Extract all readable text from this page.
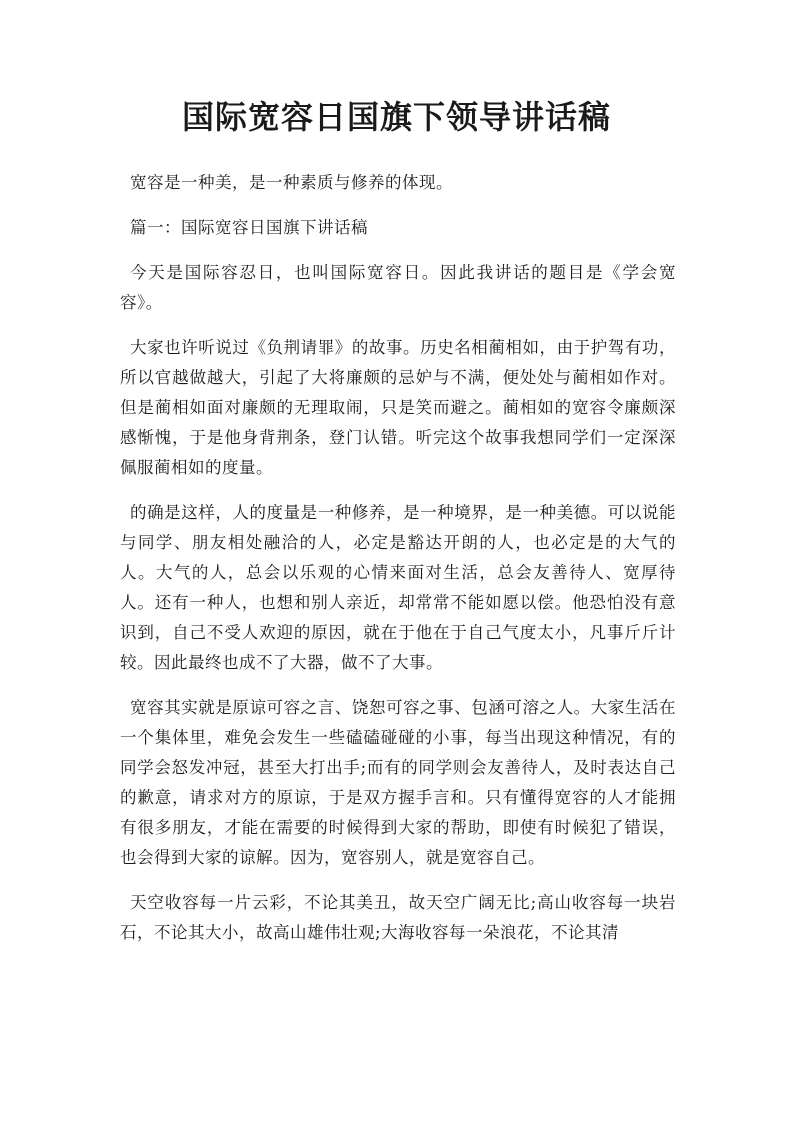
国际宽容日国旗下领导讲话稿

宽容是一种美，是一种素质与修养的体现。

篇一：国际宽容日国旗下讲话稿

今天是国际容忍日，也叫国际宽容日。因此我讲话的题目是《学会宽容》。

大家也许听说过《负荆请罪》的故事。历史名相蔺相如，由于护驾有功，所以官越做越大，引起了大将廉颇的忌妒与不满，便处处与蔺相如作对。但是蔺相如面对廉颇的无理取闹，只是笑而避之。蔺相如的宽容令廉颇深感惭愧，于是他身背荆条，登门认错。听完这个故事我想同学们一定深深佩服蔺相如的度量。

的确是这样，人的度量是一种修养，是一种境界，是一种美德。可以说能与同学、朋友相处融洽的人，必定是豁达开朗的人，也必定是的大气的人。大气的人，总会以乐观的心情来面对生活，总会友善待人、宽厚待人。还有一种人，也想和别人亲近，却常常不能如愿以偿。他恐怕没有意识到，自己不受人欢迎的原因，就在于他在于自己气度太小，凡事斤斤计较。因此最终也成不了大器，做不了大事。

宽容其实就是原谅可容之言、饶恕可容之事、包涵可溶之人。大家生活在一个集体里，难免会发生一些磕磕碰碰的小事，每当出现这种情况，有的同学会怒发冲冠，甚至大打出手;而有的同学则会友善待人，及时表达自己的歉意，请求对方的原谅，于是双方握手言和。只有懂得宽容的人才能拥有很多朋友，才能在需要的时候得到大家的帮助，即使有时候犯了错误，也会得到大家的谅解。因为，宽容别人，就是宽容自己。

天空收容每一片云彩，不论其美丑，故天空广阔无比;高山收容每一块岩石，不论其大小，故高山雄伟壮观;大海收容每一朵浪花，不论其清
